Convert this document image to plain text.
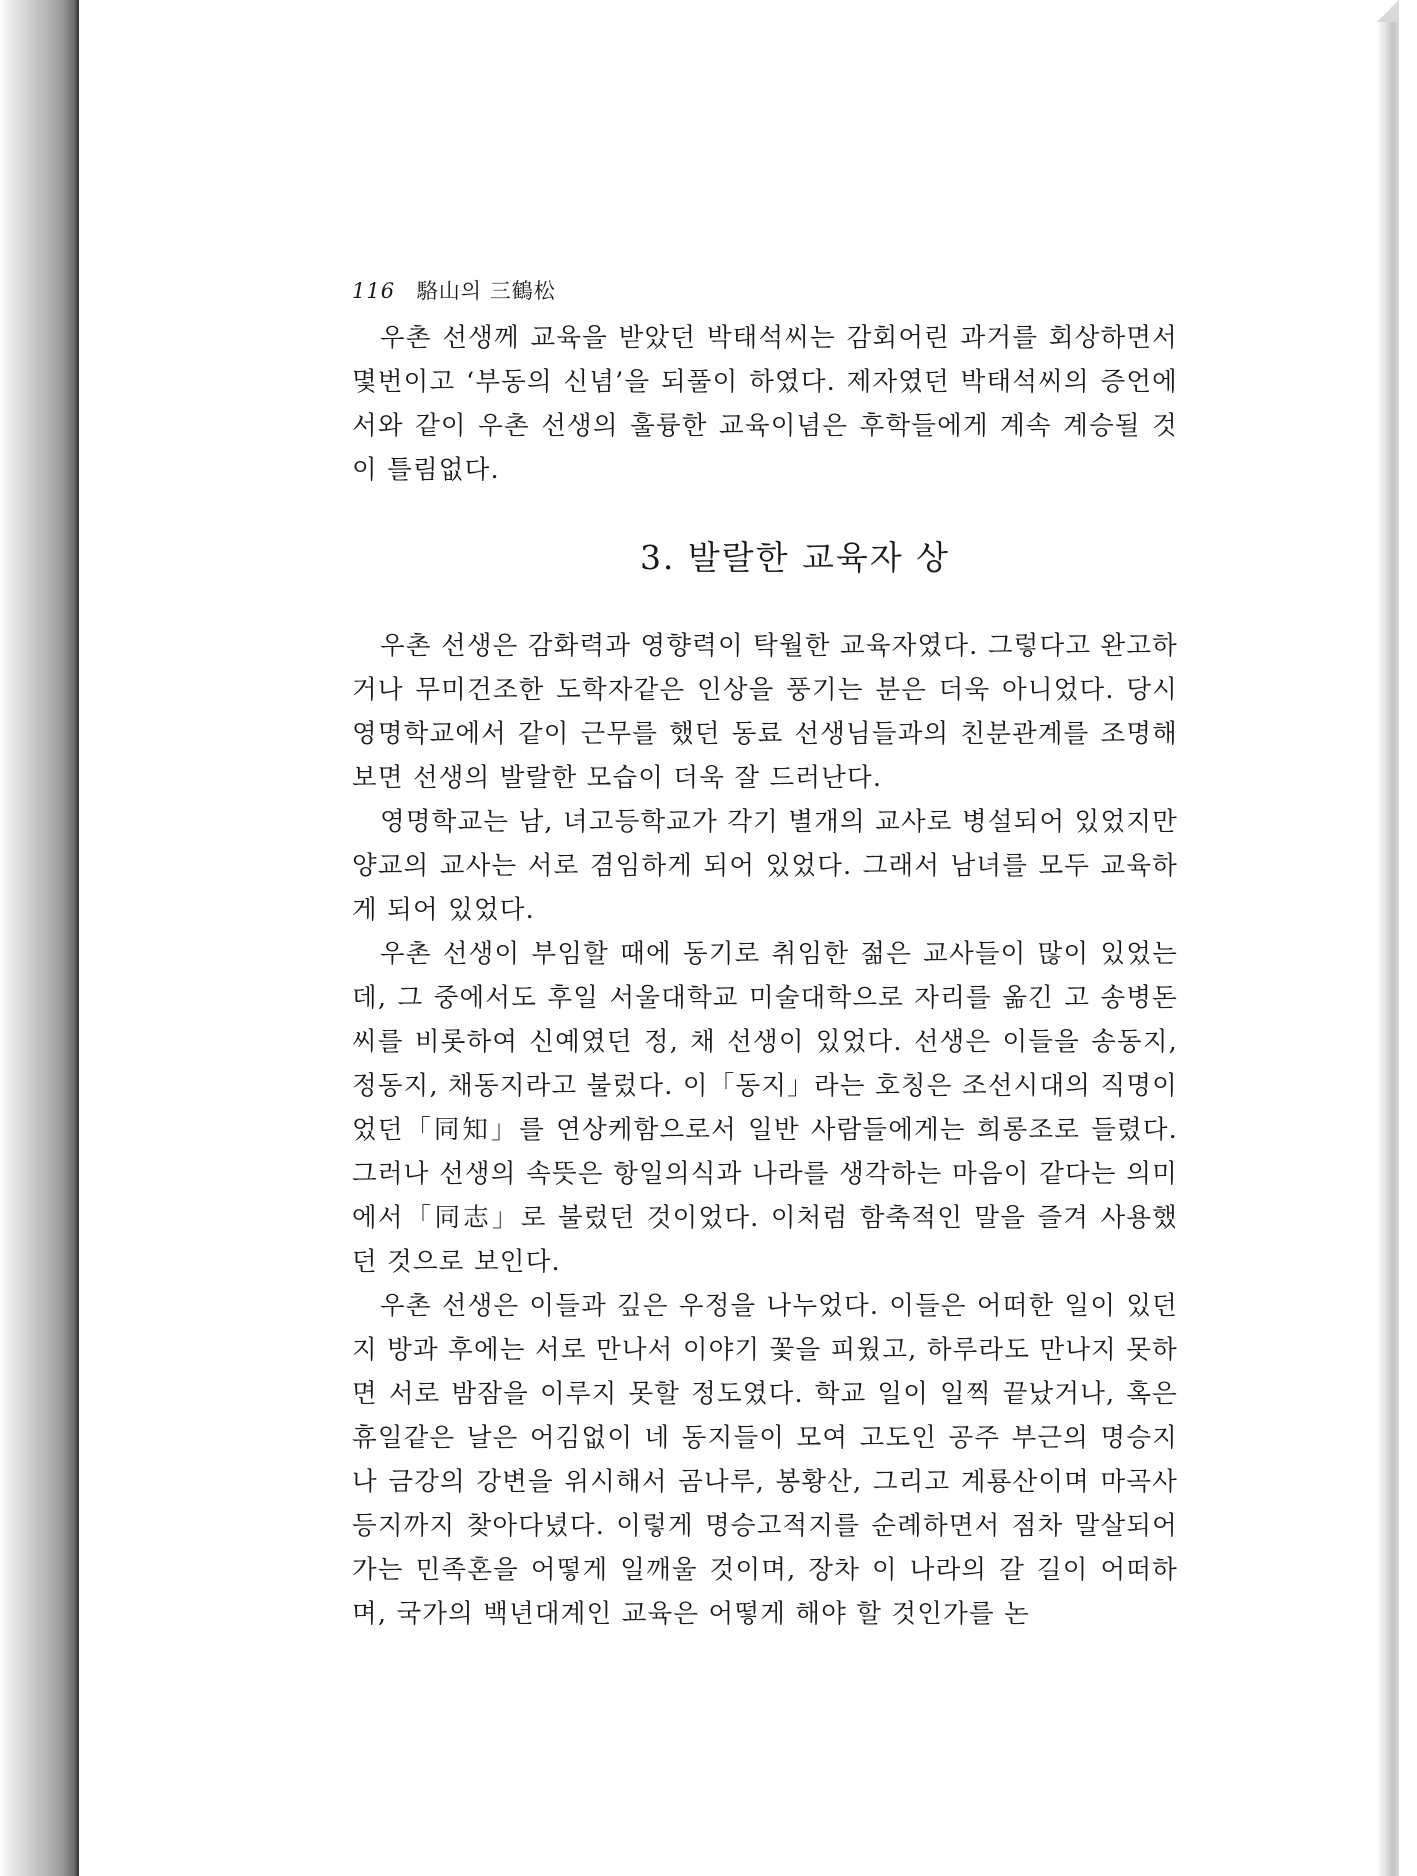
116 駱山의 三鶴松

우촌 선생께 교육을 받았던 박태석씨는 감회어린 과거를 회상하면서 몇번이고 ‘부동의 신념’을 되풀이 하였다. 제자였던 박태석씨의 증언에서와 같이 우촌 선생의 훌륭한 교육이념은 후학들에게 계속 계승될 것이 틀림없다.

3. 발랄한 교육자 상

우촌 선생은 감화력과 영향력이 탁월한 교육자였다. 그렇다고 완고하거나 무미건조한 도학자같은 인상을 풍기는 분은 더욱 아니었다. 당시 영명학교에서 같이 근무를 했던 동료 선생님들과의 친분관계를 조명해 보면 선생의 발랄한 모습이 더욱 잘 드러난다.

영명학교는 남, 녀고등학교가 각기 별개의 교사로 병설되어 있었지만 양교의 교사는 서로 겸임하게 되어 있었다. 그래서 남녀를 모두 교육하게 되어 있었다.

우촌 선생이 부임할 때에 동기로 취임한 젊은 교사들이 많이 있었는데, 그 중에서도 후일 서울대학교 미술대학으로 자리를 옮긴 고 송병돈씨를 비롯하여 신예였던 정, 채 선생이 있었다. 선생은 이들을 송동지, 정동지, 채동지라고 불렀다. 이「동지」라는 호칭은 조선시대의 직명이었던「同知」를 연상케함으로서 일반 사람들에게는 희롱조로 들렸다. 그러나 선생의 속뜻은 항일의식과 나라를 생각하는 마음이 같다는 의미에서「同志」로 불렀던 것이었다. 이처럼 함축적인 말을 즐겨 사용했던 것으로 보인다.

우촌 선생은 이들과 깊은 우정을 나누었다. 이들은 어떠한 일이 있던지 방과 후에는 서로 만나서 이야기 꽃을 피웠고, 하루라도 만나지 못하면 서로 밤잠을 이루지 못할 정도였다. 학교 일이 일찍 끝났거나, 혹은 휴일같은 날은 어김없이 네 동지들이 모여 고도인 공주 부근의 명승지나 금강의 강변을 위시해서 곰나루, 봉황산, 그리고 계룡산이며 마곡사 등지까지 찾아다녔다. 이렇게 명승고적지를 순례하면서 점차 말살되어 가는 민족혼을 어떻게 일깨울 것이며, 장차 이 나라의 갈 길이 어떠하며, 국가의 백년대계인 교육은 어떻게 해야 할 것인가를 논
